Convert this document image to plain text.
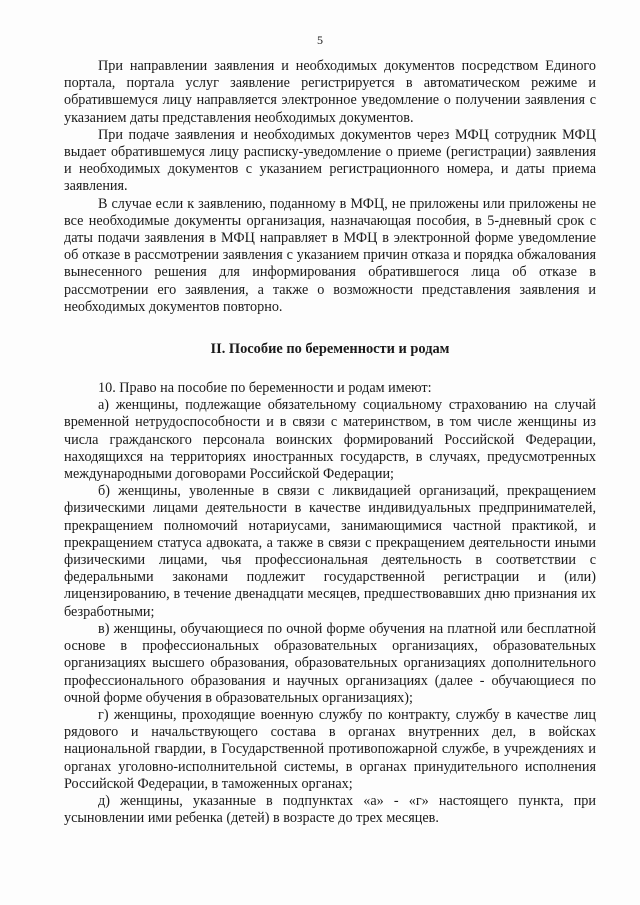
5

При направлении заявления и необходимых документов посредством Единого портала, портала услуг заявление регистрируется в автоматическом режиме и обратившемуся лицу направляется электронное уведомление о получении заявления с указанием даты представления необходимых документов.

При подаче заявления и необходимых документов через МФЦ сотрудник МФЦ выдает обратившемуся лицу расписку-уведомление о приеме (регистрации) заявления и необходимых документов с указанием регистрационного номера, и даты приема заявления.

В случае если к заявлению, поданному в МФЦ, не приложены или приложены не все необходимые документы организация, назначающая пособия, в 5-дневный срок с даты подачи заявления в МФЦ направляет в МФЦ в электронной форме уведомление об отказе в рассмотрении заявления с указанием причин отказа и порядка обжалования вынесенного решения для информирования обратившегося лица об отказе в рассмотрении его заявления, а также о возможности представления заявления и необходимых документов повторно.

II. Пособие по беременности и родам

10. Право на пособие по беременности и родам имеют:

а) женщины, подлежащие обязательному социальному страхованию на случай временной нетрудоспособности и в связи с материнством, в том числе женщины из числа гражданского персонала воинских формирований Российской Федерации, находящихся на территориях иностранных государств, в случаях, предусмотренных международными договорами Российской Федерации;

б) женщины, уволенные в связи с ликвидацией организаций, прекращением физическими лицами деятельности в качестве индивидуальных предпринимателей, прекращением полномочий нотариусами, занимающимися частной практикой, и прекращением статуса адвоката, а также в связи с прекращением деятельности иными физическими лицами, чья профессиональная деятельность в соответствии с федеральными законами подлежит государственной регистрации и (или) лицензированию, в течение двенадцати месяцев, предшествовавших дню признания их безработными;

в) женщины, обучающиеся по очной форме обучения на платной или бесплатной основе в профессиональных образовательных организациях, образовательных организациях высшего образования, образовательных организациях дополнительного профессионального образования и научных организациях (далее - обучающиеся по очной форме обучения в образовательных организациях);

г) женщины, проходящие военную службу по контракту, службу в качестве лиц рядового и начальствующего состава в органах внутренних дел, в войсках национальной гвардии, в Государственной противопожарной службе, в учреждениях и органах уголовно-исполнительной системы, в органах принудительного исполнения Российской Федерации, в таможенных органах;

д) женщины, указанные в подпунктах «а» - «г» настоящего пункта, при усыновлении ими ребенка (детей) в возрасте до трех месяцев.
